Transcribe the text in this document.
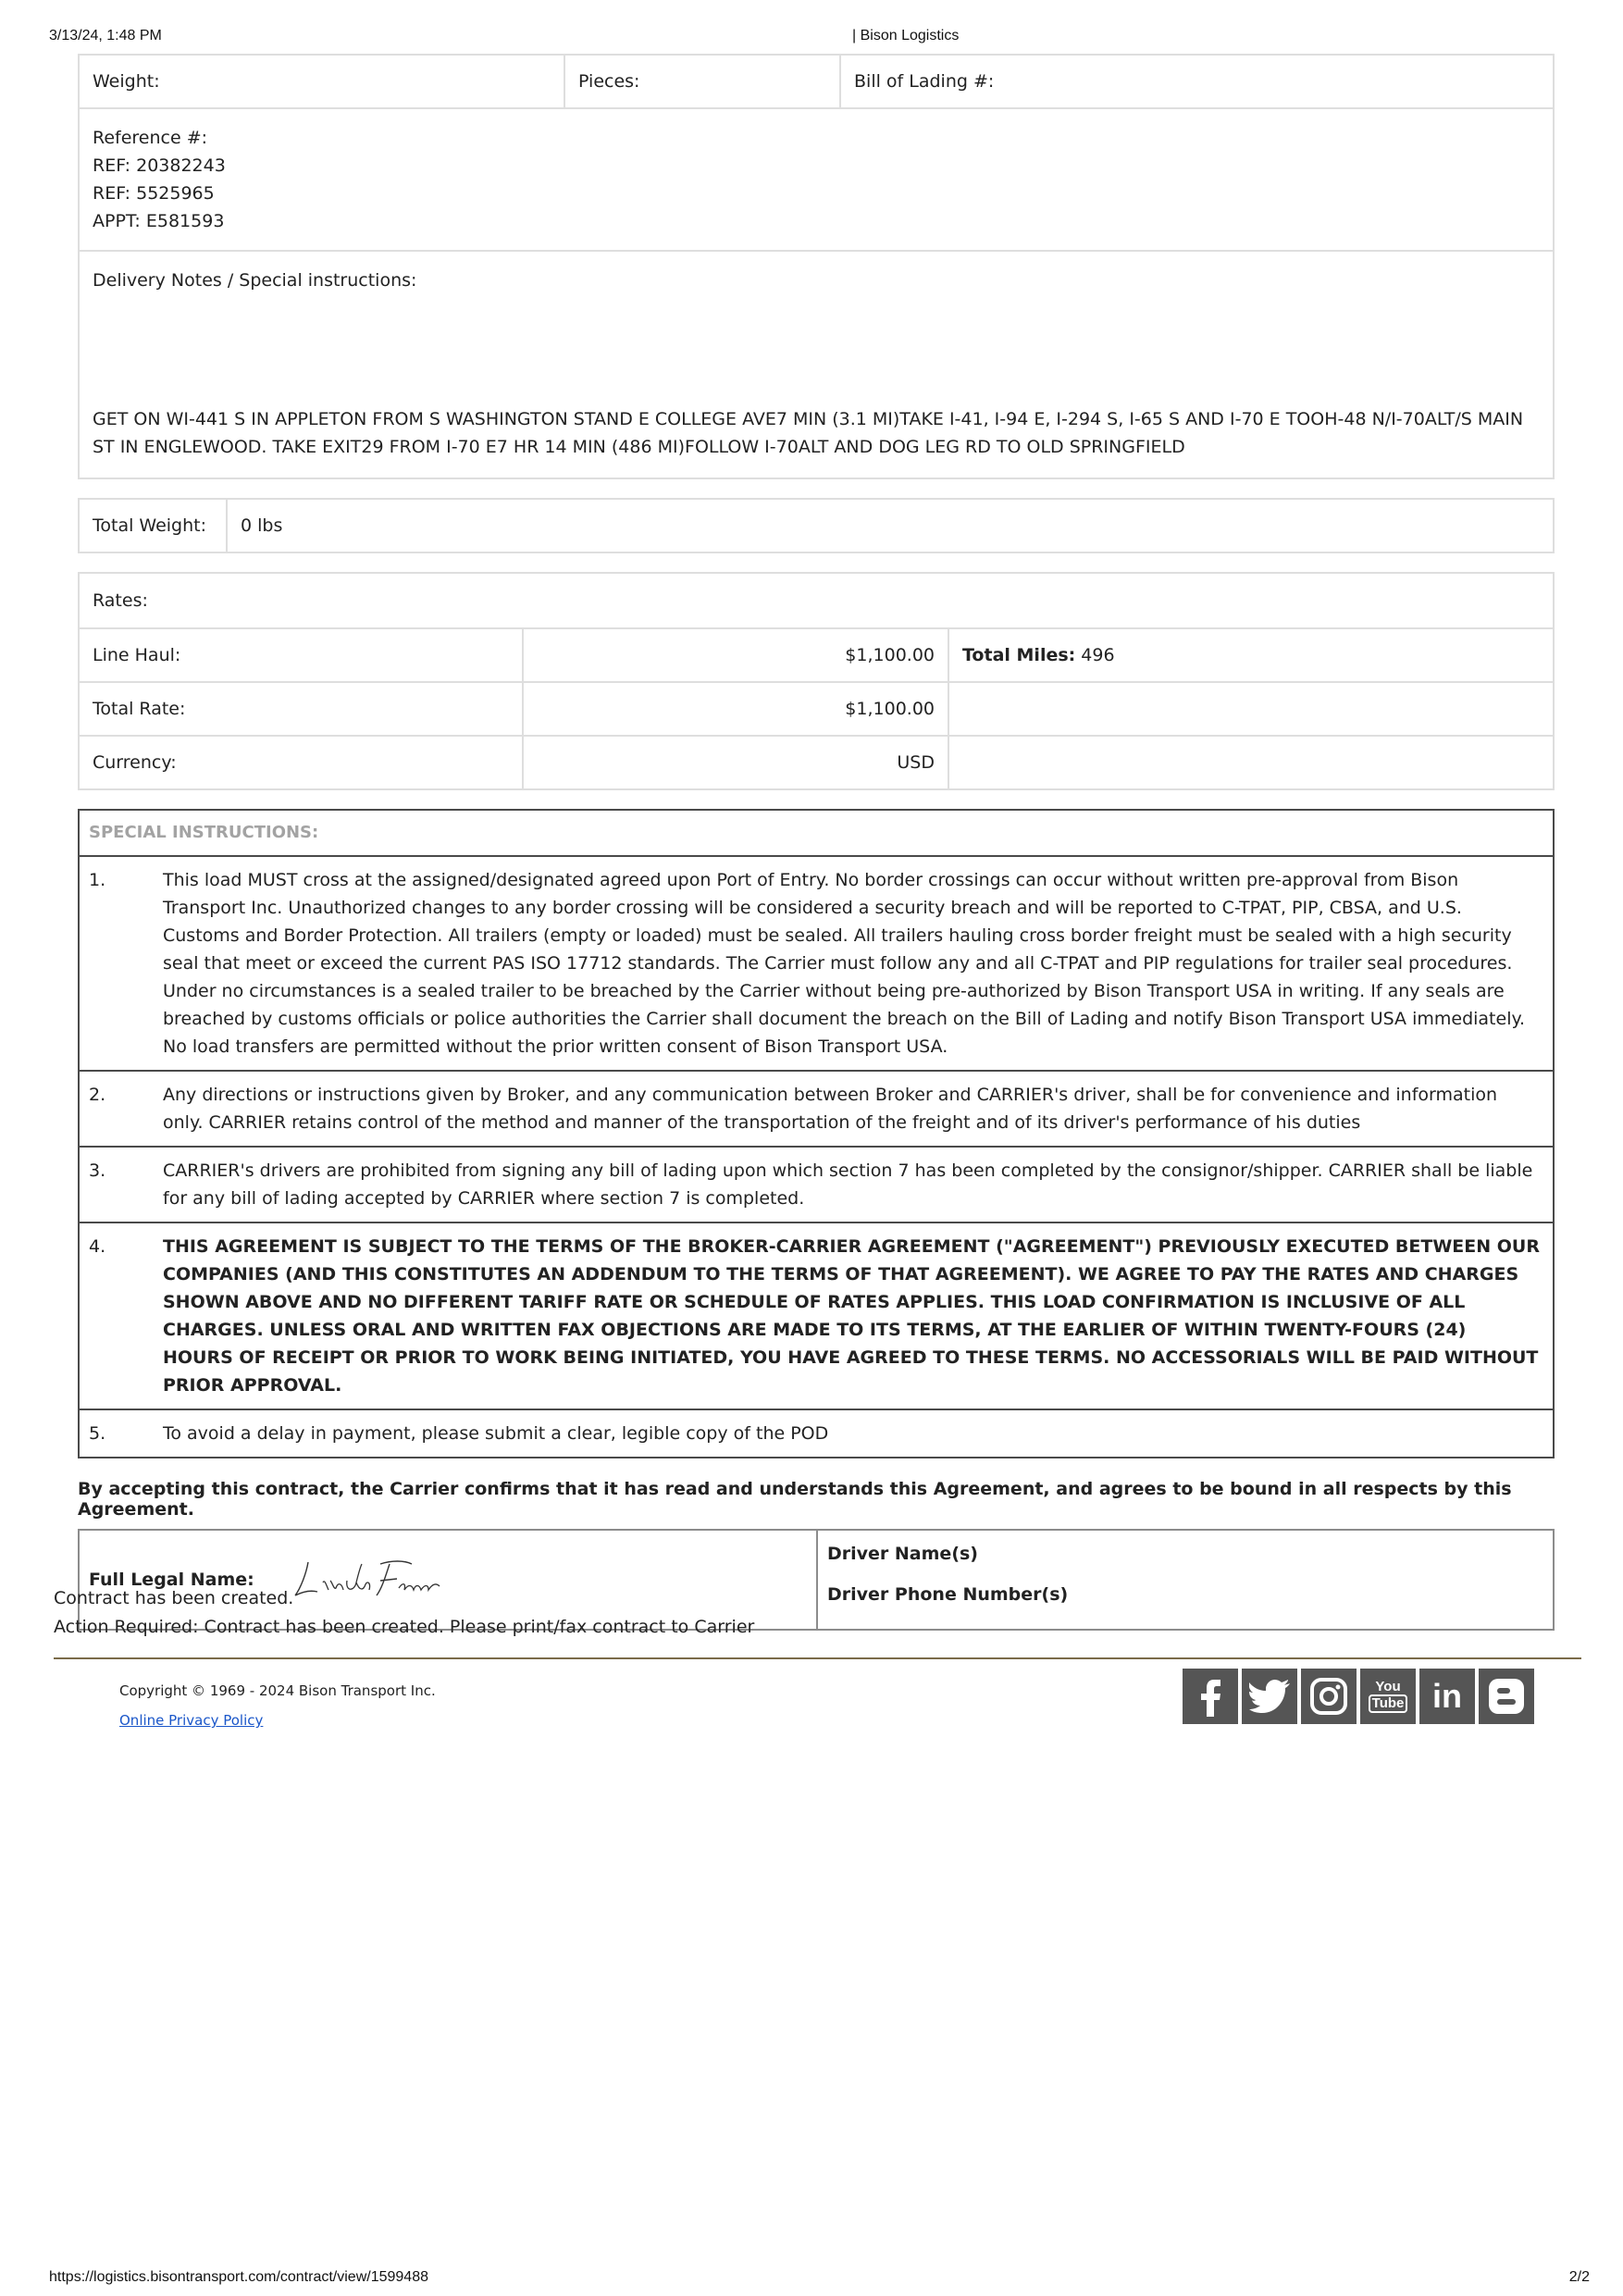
3/13/24, 1:48 PM	| Bison Logistics
Weight:	Pieces:	Bill of Lading #:
Reference #:
REF: 20382243
REF: 5525965
APPT: E581593
Delivery Notes / Special instructions:
GET ON WI-441 S IN APPLETON FROM S WASHINGTON STAND E COLLEGE AVE7 MIN (3.1 MI)TAKE I-41, I-94 E, I-294 S, I-65 S AND I-70 E TOOH-48 N/I-70ALT/S MAIN ST IN ENGLEWOOD. TAKE EXIT29 FROM I-70 E7 HR 14 MIN (486 MI)FOLLOW I-70ALT AND DOG LEG RD TO OLD SPRINGFIELD
Total Weight:	0 lbs
Rates:
Line Haul:	$1,100.00	Total Miles: 496
Total Rate:	$1,100.00	
Currency:	USD	
SPECIAL INSTRUCTIONS:
1.	This load MUST cross at the assigned/designated agreed upon Port of Entry. No border crossings can occur without written pre-approval from Bison Transport Inc. Unauthorized changes to any border crossing will be considered a security breach and will be reported to C-TPAT, PIP, CBSA, and U.S. Customs and Border Protection. All trailers (empty or loaded) must be sealed. All trailers hauling cross border freight must be sealed with a high security seal that meet or exceed the current PAS ISO 17712 standards. The Carrier must follow any and all C-TPAT and PIP regulations for trailer seal procedures. Under no circumstances is a sealed trailer to be breached by the Carrier without being pre-authorized by Bison Transport USA in writing. If any seals are breached by customs officials or police authorities the Carrier shall document the breach on the Bill of Lading and notify Bison Transport USA immediately. No load transfers are permitted without the prior written consent of Bison Transport USA.
2.	Any directions or instructions given by Broker, and any communication between Broker and CARRIER's driver, shall be for convenience and information only. CARRIER retains control of the method and manner of the transportation of the freight and of its driver's performance of his duties
3.	CARRIER's drivers are prohibited from signing any bill of lading upon which section 7 has been completed by the consignor/shipper. CARRIER shall be liable for any bill of lading accepted by CARRIER where section 7 is completed.
4.	THIS AGREEMENT IS SUBJECT TO THE TERMS OF THE BROKER-CARRIER AGREEMENT ("AGREEMENT") PREVIOUSLY EXECUTED BETWEEN OUR COMPANIES (AND THIS CONSTITUTES AN ADDENDUM TO THE TERMS OF THAT AGREEMENT). WE AGREE TO PAY THE RATES AND CHARGES SHOWN ABOVE AND NO DIFFERENT TARIFF RATE OR SCHEDULE OF RATES APPLIES. THIS LOAD CONFIRMATION IS INCLUSIVE OF ALL CHARGES. UNLESS ORAL AND WRITTEN FAX OBJECTIONS ARE MADE TO ITS TERMS, AT THE EARLIER OF WITHIN TWENTY-FOURS (24) HOURS OF RECEIPT OR PRIOR TO WORK BEING INITIATED, YOU HAVE AGREED TO THESE TERMS. NO ACCESSORIALS WILL BE PAID WITHOUT PRIOR APPROVAL.
5.	To avoid a delay in payment, please submit a clear, legible copy of the POD
By accepting this contract, the Carrier confirms that it has read and understands this Agreement, and agrees to be bound in all respects by this Agreement.
Full Legal Name:	
Driver Name(s)
Driver Phone Number(s)
Contract has been created.
Action Required: Contract has been created. Please print/fax contract to Carrier
Copyright © 1969 - 2024 Bison Transport Inc.
Online Privacy Policy
You
Tube in
https://logistics.bisontransport.com/contract/view/1599488	2/2
